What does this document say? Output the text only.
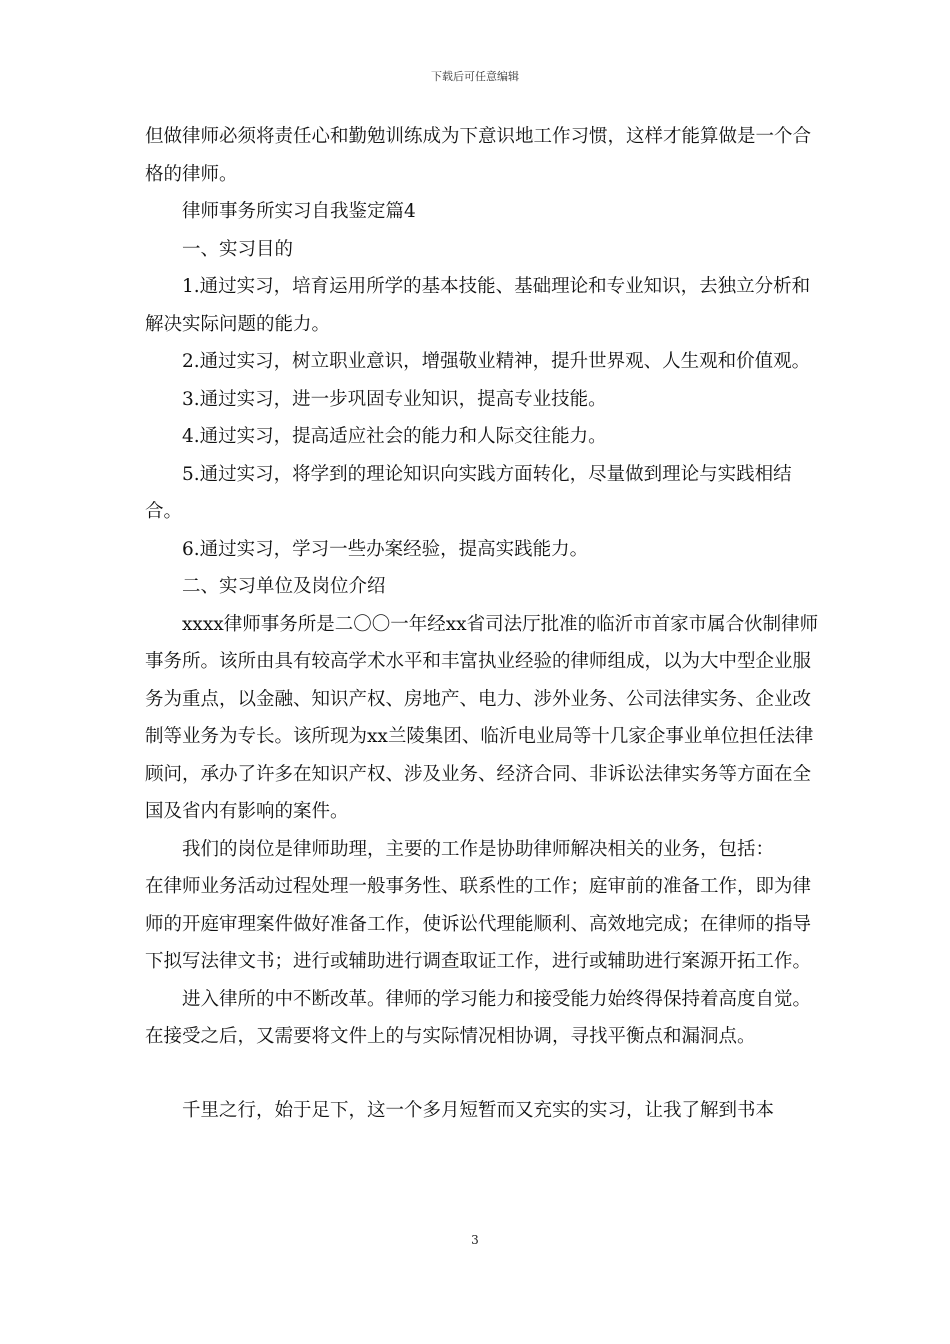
下载后可任意编辑

但做律师必须将责任心和勤勉训练成为下意识地工作习惯，这样才能算做是一个合格的律师。

律师事务所实习自我鉴定篇4

一、实习目的

1.通过实习，培育运用所学的基本技能、基础理论和专业知识，去独立分析和解决实际问题的能力。

2.通过实习，树立职业意识，增强敬业精神，提升世界观、人生观和价值观。

3.通过实习，进一步巩固专业知识，提高专业技能。

4.通过实习，提高适应社会的能力和人际交往能力。

5.通过实习，将学到的理论知识向实践方面转化，尽量做到理论与实践相结合。

6.通过实习，学习一些办案经验，提高实践能力。

二、实习单位及岗位介绍

xxxx律师事务所是二〇〇一年经xx省司法厅批准的临沂市首家市属合伙制律师事务所。该所由具有较高学术水平和丰富执业经验的律师组成，以为大中型企业服务为重点，以金融、知识产权、房地产、电力、涉外业务、公司法律实务、企业改制等业务为专长。该所现为xx兰陵集团、临沂电业局等十几家企事业单位担任法律顾问，承办了许多在知识产权、涉及业务、经济合同、非诉讼法律实务等方面在全国及省内有影响的案件。

我们的岗位是律师助理，主要的工作是协助律师解决相关的业务，包括：

在律师业务活动过程处理一般事务性、联系性的工作；庭审前的准备工作，即为律师的开庭审理案件做好准备工作，使诉讼代理能顺利、高效地完成；在律师的指导下拟写法律文书；进行或辅助进行调查取证工作，进行或辅助进行案源开拓工作。

进入律所的中不断改革。律师的学习能力和接受能力始终得保持着高度自觉。在接受之后，又需要将文件上的与实际情况相协调，寻找平衡点和漏洞点。

千里之行，始于足下，这一个多月短暂而又充实的实习，让我了解到书本

3
